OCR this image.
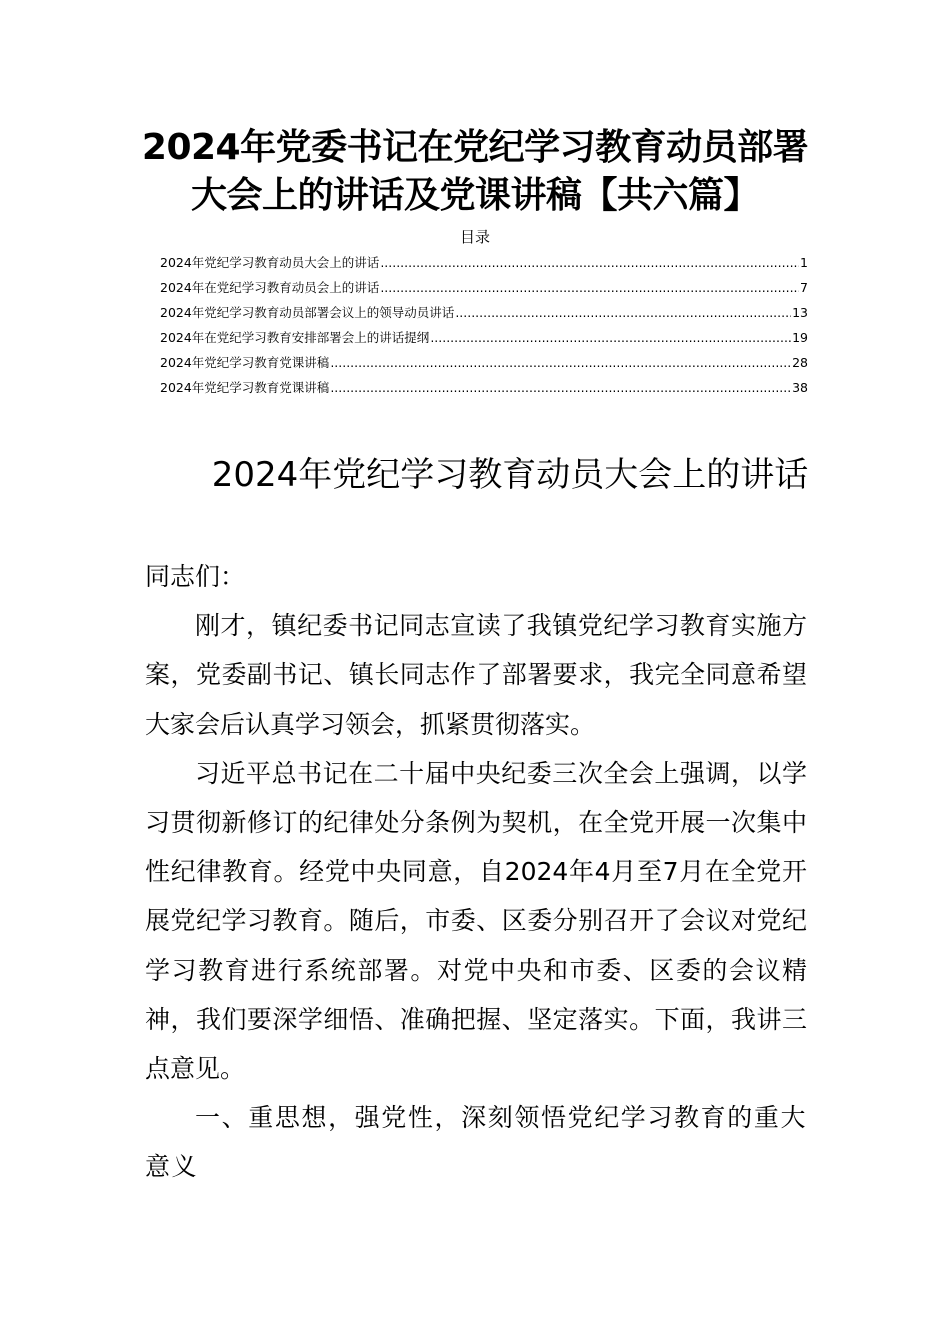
2024年党委书记在党纪学习教育动员部署大会上的讲话及党课讲稿【共六篇】
目录
2024年党纪学习教育动员大会上的讲话 .....	1
2024年在党纪学习教育动员会上的讲话 .....	7
2024年党纪学习教育动员部署会议上的领导动员讲话 .....	13
2024年在党纪学习教育安排部署会上的讲话提纲 .....	19
2024年党纪学习教育党课讲稿 .....	28
2024年党纪学习教育党课讲稿 .....	38
2024年党纪学习教育动员大会上的讲话

同志们：

刚才，镇纪委书记同志宣读了我镇党纪学习教育实施方案，党委副书记、镇长同志作了部署要求，我完全同意希望大家会后认真学习领会，抓紧贯彻落实。

习近平总书记在二十届中央纪委三次全会上强调，以学习贯彻新修订的纪律处分条例为契机，在全党开展一次集中性纪律教育。经党中央同意，自2024年4月至7月在全党开展党纪学习教育。随后，市委、区委分别召开了会议对党纪学习教育进行系统部署。对党中央和市委、区委的会议精神，我们要深学细悟、准确把握、坚定落实。下面，我讲三点意见。

一、重思想，强党性，深刻领悟党纪学习教育的重大意义
